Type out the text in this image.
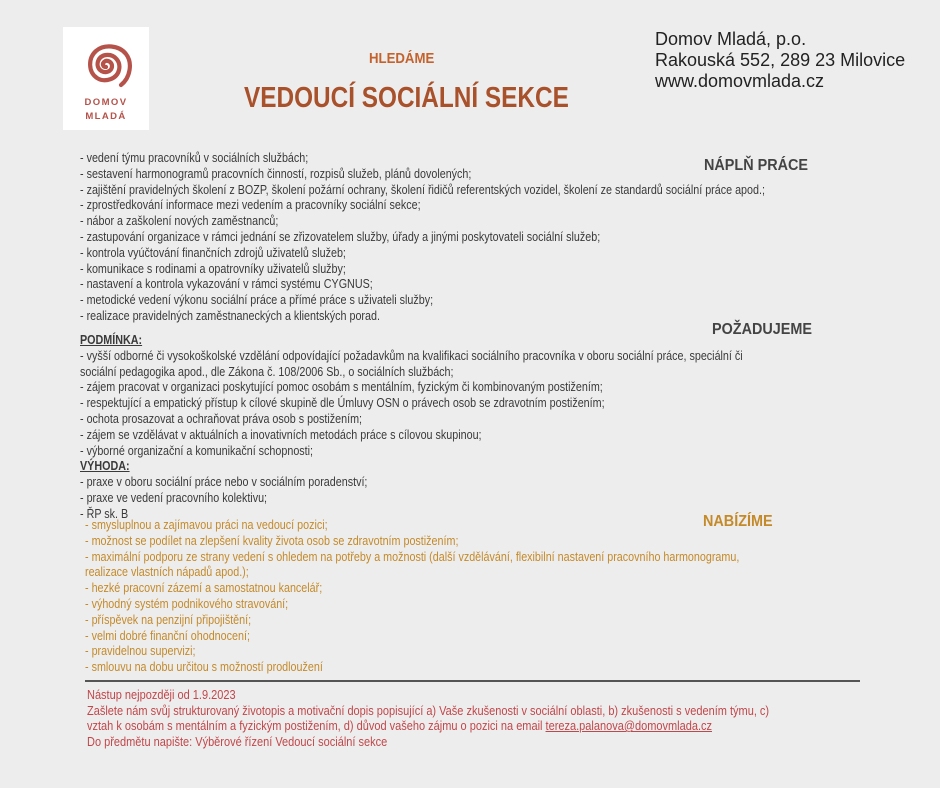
DOMOV
MLADÁ
HLEDÁME
VEDOUCÍ SOCIÁLNÍ SEKCE
Domov Mladá, p.o.
Rakouská 552, 289 23 Milovice
www.domovmlada.cz
NÁPLŇ PRÁCE
POŽADUJEME
NABÍZÍME
- vedení týmu pracovníků v sociálních službách;
- sestavení harmonogramů pracovních činností, rozpisů služeb, plánů dovolených;
- zajištění pravidelných školení z BOZP, školení požární ochrany, školení řidičů referentských vozidel, školení ze standardů sociální práce apod.;
- zprostředkování informace mezi vedením a pracovníky sociální sekce;
- nábor a zaškolení nových zaměstnanců;
- zastupování organizace v rámci jednání se zřizovatelem služby, úřady a jinými poskytovateli sociální služeb;
- kontrola vyúčtování finančních zdrojů uživatelů služeb;
- komunikace s rodinami a opatrovníky uživatelů služby;
- nastavení a kontrola vykazování v rámci systému CYGNUS;
- metodické vedení výkonu sociální práce a přímé práce s uživateli služby;
- realizace pravidelných zaměstnaneckých a klientských porad.
PODMÍNKA:
- vyšší odborné či vysokoškolské vzdělání odpovídající požadavkům na kvalifikaci sociálního pracovníka v oboru sociální práce, speciální či
sociální pedagogika apod., dle Zákona č. 108/2006 Sb., o sociálních službách;
- zájem pracovat v organizaci poskytující pomoc osobám s mentálním, fyzickým či kombinovaným postižením;
- respektující a empatický přístup k cílové skupině dle Úmluvy OSN o právech osob se zdravotním postižením;
- ochota prosazovat a ochraňovat práva osob s postižením;
- zájem se vzdělávat v aktuálních a inovativních metodách práce s cílovou skupinou;
- výborné organizační a komunikační schopnosti;
VÝHODA:
- praxe v oboru sociální práce nebo v sociálním poradenství;
- praxe ve vedení pracovního kolektivu;
- ŘP sk. B
- smysluplnou a zajímavou práci na vedoucí pozici;
- možnost se podílet na zlepšení kvality života osob se zdravotním postižením;
- maximální podporu ze strany vedení s ohledem na potřeby a možnosti (další vzdělávání, flexibilní nastavení pracovního harmonogramu,
realizace vlastních nápadů apod.);
- hezké pracovní zázemí a samostatnou kancelář;
- výhodný systém podnikového stravování;
- příspěvek na penzijní připojištění;
- velmi dobré finanční ohodnocení;
- pravidelnou supervizi;
- smlouvu na dobu určitou s možností prodloužení
Nástup nejpozději od 1.9.2023
Zašlete nám svůj strukturovaný životopis a motivační dopis popisující a) Vaše zkušenosti v sociální oblasti, b) zkušenosti s vedením týmu, c)
vztah k osobám s mentálním a fyzickým postižením, d) důvod vašeho zájmu o pozici na email tereza.palanova@domovmlada.cz
Do předmětu napište: Výběrové řízení Vedoucí sociální sekce
